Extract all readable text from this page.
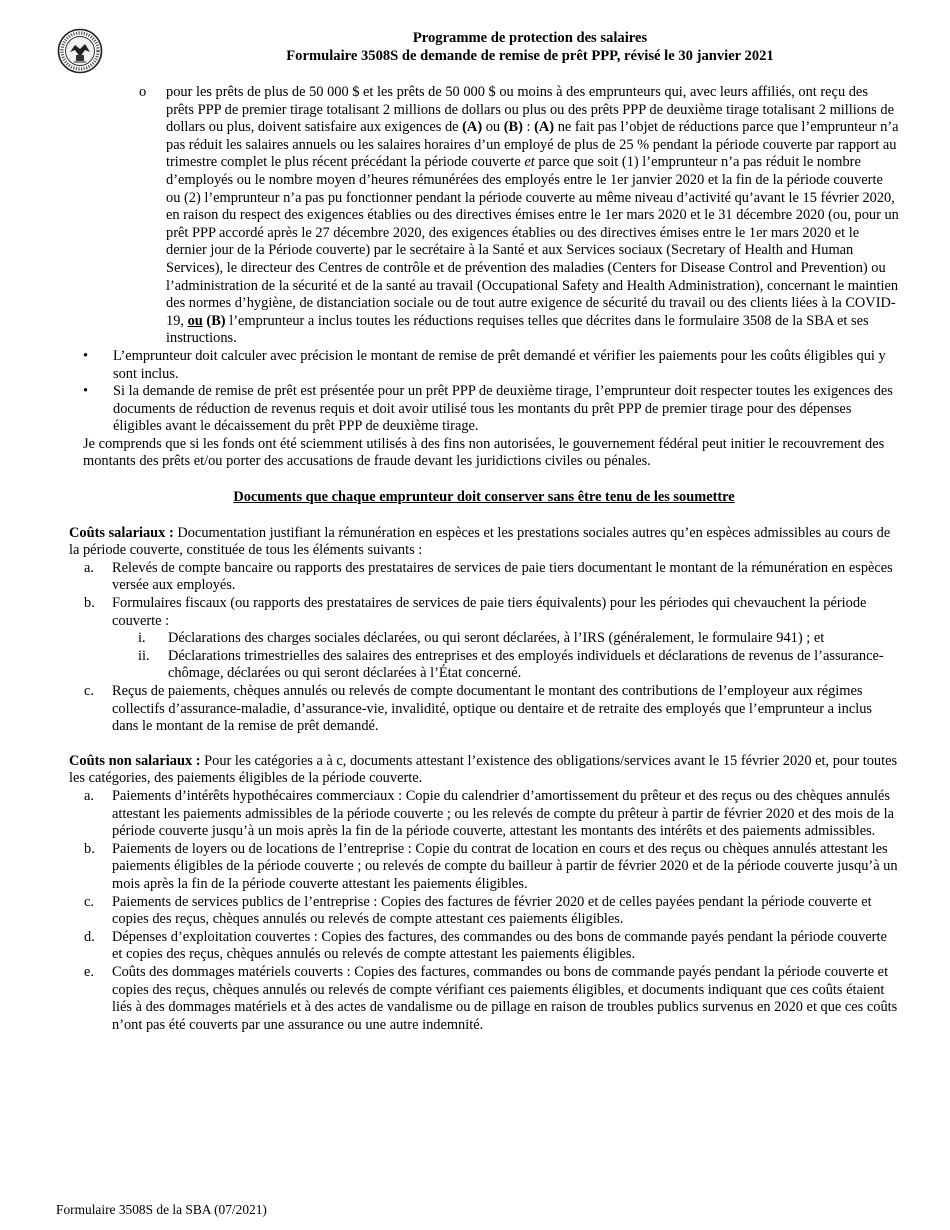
Programme de protection des salaires
Formulaire 3508S de demande de remise de prêt PPP, révisé le 30 janvier 2021
o pour les prêts de plus de 50 000 $ et les prêts de 50 000 $ ou moins à des emprunteurs qui, avec leurs affiliés, ont reçu des prêts PPP de premier tirage totalisant 2 millions de dollars ou plus ou des prêts PPP de deuxième tirage totalisant 2 millions de dollars ou plus, doivent satisfaire aux exigences de (A) ou (B) : (A) ne fait pas l’objet de réductions parce que l’emprunteur n’a pas réduit les salaires annuels ou les salaires horaires d’un employé de plus de 25 % pendant la période couverte par rapport au trimestre complet le plus récent précédant la période couverte et parce que soit (1) l’emprunteur n’a pas réduit le nombre d’employés ou le nombre moyen d’heures rémunérées des employés entre le 1er janvier 2020 et la fin de la période couverte ou (2) l’emprunteur n’a pas pu fonctionner pendant la période couverte au même niveau d’activité qu’avant le 15 février 2020, en raison du respect des exigences établies ou des directives émises entre le 1er mars 2020 et le 31 décembre 2020 (ou, pour un prêt PPP accordé après le 27 décembre 2020, des exigences établies ou des directives émises entre le 1er mars 2020 et le dernier jour de la Période couverte) par le secrétaire à la Santé et aux Services sociaux (Secretary of Health and Human Services), le directeur des Centres de contrôle et de prévention des maladies (Centers for Disease Control and Prevention) ou l’administration de la sécurité et de la santé au travail (Occupational Safety and Health Administration), concernant le maintien des normes d’hygiène, de distanciation sociale ou de tout autre exigence de sécurité du travail ou des clients liées à la COVID-19, ou (B) l’emprunteur a inclus toutes les réductions requises telles que décrites dans le formulaire 3508 de la SBA et ses instructions.
• L’emprunteur doit calculer avec précision le montant de remise de prêt demandé et vérifier les paiements pour les coûts éligibles qui y sont inclus.
• Si la demande de remise de prêt est présentée pour un prêt PPP de deuxième tirage, l’emprunteur doit respecter toutes les exigences des documents de réduction de revenus requis et doit avoir utilisé tous les montants du prêt PPP de premier tirage pour des dépenses éligibles avant le décaissement du prêt PPP de deuxième tirage.
Je comprends que si les fonds ont été sciemment utilisés à des fins non autorisées, le gouvernement fédéral peut initier le recouvrement des montants des prêts et/ou porter des accusations de fraude devant les juridictions civiles ou pénales.
Documents que chaque emprunteur doit conserver sans être tenu de les soumettre
Coûts salariaux : Documentation justifiant la rémunération en espèces et les prestations sociales autres qu’en espèces admissibles au cours de la période couverte, constituée de tous les éléments suivants :
a. Relevés de compte bancaire ou rapports des prestataires de services de paie tiers documentant le montant de la rémunération en espèces versée aux employés.
b. Formulaires fiscaux (ou rapports des prestataires de services de paie tiers équivalents) pour les périodes qui chevauchent la période couverte :
i. Déclarations des charges sociales déclarées, ou qui seront déclarées, à l’IRS (généralement, le formulaire 941) ; et
ii. Déclarations trimestrielles des salaires des entreprises et des employés individuels et déclarations de revenus de l’assurance-chômage, déclarées ou qui seront déclarées à l’État concerné.
c. Reçus de paiements, chèques annulés ou relevés de compte documentant le montant des contributions de l’employeur aux régimes collectifs d’assurance-maladie, d’assurance-vie, invalidité, optique ou dentaire et de retraite des employés que l’emprunteur a inclus dans le montant de la remise de prêt demandé.
Coûts non salariaux : Pour les catégories a à c, documents attestant l’existence des obligations/services avant le 15 février 2020 et, pour toutes les catégories, des paiements éligibles de la période couverte.
a. Paiements d’intérêts hypothécaires commerciaux : Copie du calendrier d’amortissement du prêteur et des reçus ou des chèques annulés attestant les paiements admissibles de la période couverte ; ou les relevés de compte du prêteur à partir de février 2020 et des mois de la période couverte jusqu’à un mois après la fin de la période couverte, attestant les montants des intérêts et des paiements admissibles.
b. Paiements de loyers ou de locations de l’entreprise : Copie du contrat de location en cours et des reçus ou chèques annulés attestant les paiements éligibles de la période couverte ; ou relevés de compte du bailleur à partir de février 2020 et de la période couverte jusqu’à un mois après la fin de la période couverte attestant les paiements éligibles.
c. Paiements de services publics de l’entreprise : Copies des factures de février 2020 et de celles payées pendant la période couverte et copies des reçus, chèques annulés ou relevés de compte attestant ces paiements éligibles.
d. Dépenses d’exploitation couvertes : Copies des factures, des commandes ou des bons de commande payés pendant la période couverte et copies des reçus, chèques annulés ou relevés de compte attestant les paiements éligibles.
e. Coûts des dommages matériels couverts : Copies des factures, commandes ou bons de commande payés pendant la période couverte et copies des reçus, chèques annulés ou relevés de compte vérifiant ces paiements éligibles, et documents indiquant que ces coûts étaient liés à des dommages matériels et à des actes de vandalisme ou de pillage en raison de troubles publics survenus en 2020 et que ces coûts n’ont pas été couverts par une assurance ou une autre indemnité.
Formulaire 3508S de la SBA (07/2021)
